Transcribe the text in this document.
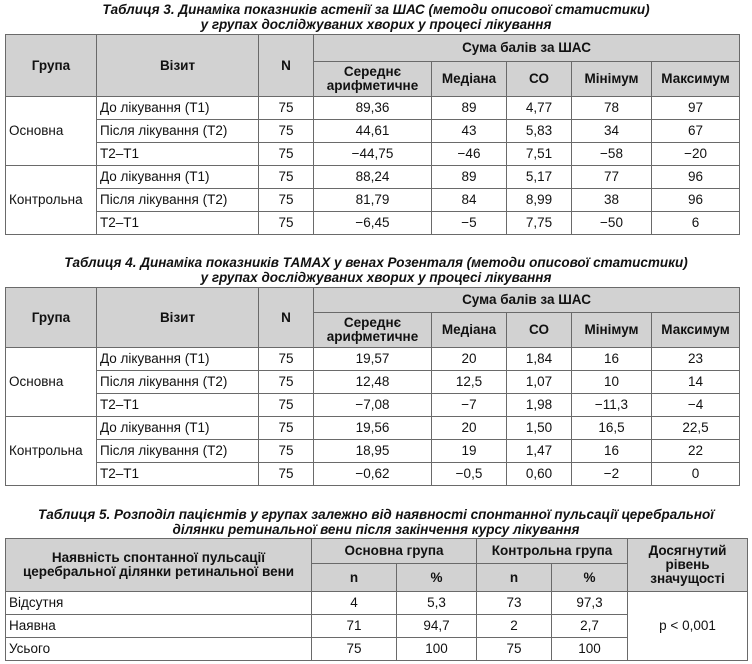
Таблиця 3. Динаміка показників астенії за ШАС (методи описової статистики)
у групах досліджуваних хворих у процесі лікування
Група	Візит	N	Сума балів за ШАС				
			Середнє арифметичне	Медіана	СО	Мінімум	Максимум
Основна	До лікування (Т1)	75	89,36	89	4,77	78	97
	Після лікування (Т2)	75	44,61	43	5,83	34	67
	Т2–Т1	75	−44,75	−46	7,51	−58	−20
Контрольна	До лікування (Т1)	75	88,24	89	5,17	77	96
	Після лікування (Т2)	75	81,79	84	8,99	38	96
	Т2–Т1	75	−6,45	−5	7,75	−50	6
Таблиця 4. Динаміка показників ТАМАХ у венах Розенталя (методи описової статистики)
у групах досліджуваних хворих у процесі лікування
Група	Візит	N	Сума балів за ШАС				
			Середнє арифметичне	Медіана	СО	Мінімум	Максимум
Основна	До лікування (Т1)	75	19,57	20	1,84	16	23
	Після лікування (Т2)	75	12,48	12,5	1,07	10	14
	Т2–Т1	75	−7,08	−7	1,98	−11,3	−4
Контрольна	До лікування (Т1)	75	19,56	20	1,50	16,5	22,5
	Після лікування (Т2)	75	18,95	19	1,47	16	22
	Т2–Т1	75	−0,62	−0,5	0,60	−2	0
Таблиця 5. Розподіл пацієнтів у групах залежно від наявності спонтанної пульсації церебральної
ділянки ретинальної вени після закінчення курсу лікування
Наявність спонтанної пульсації церебральної ділянки ретинальної вени	Основна група		Контрольна група		Досягнутий рівень значущості
	n	%	n	%	
Відсутня	4	5,3	73	97,3	p < 0,001
Наявна	71	94,7	2	2,7	
Усього	75	100	75	100	
